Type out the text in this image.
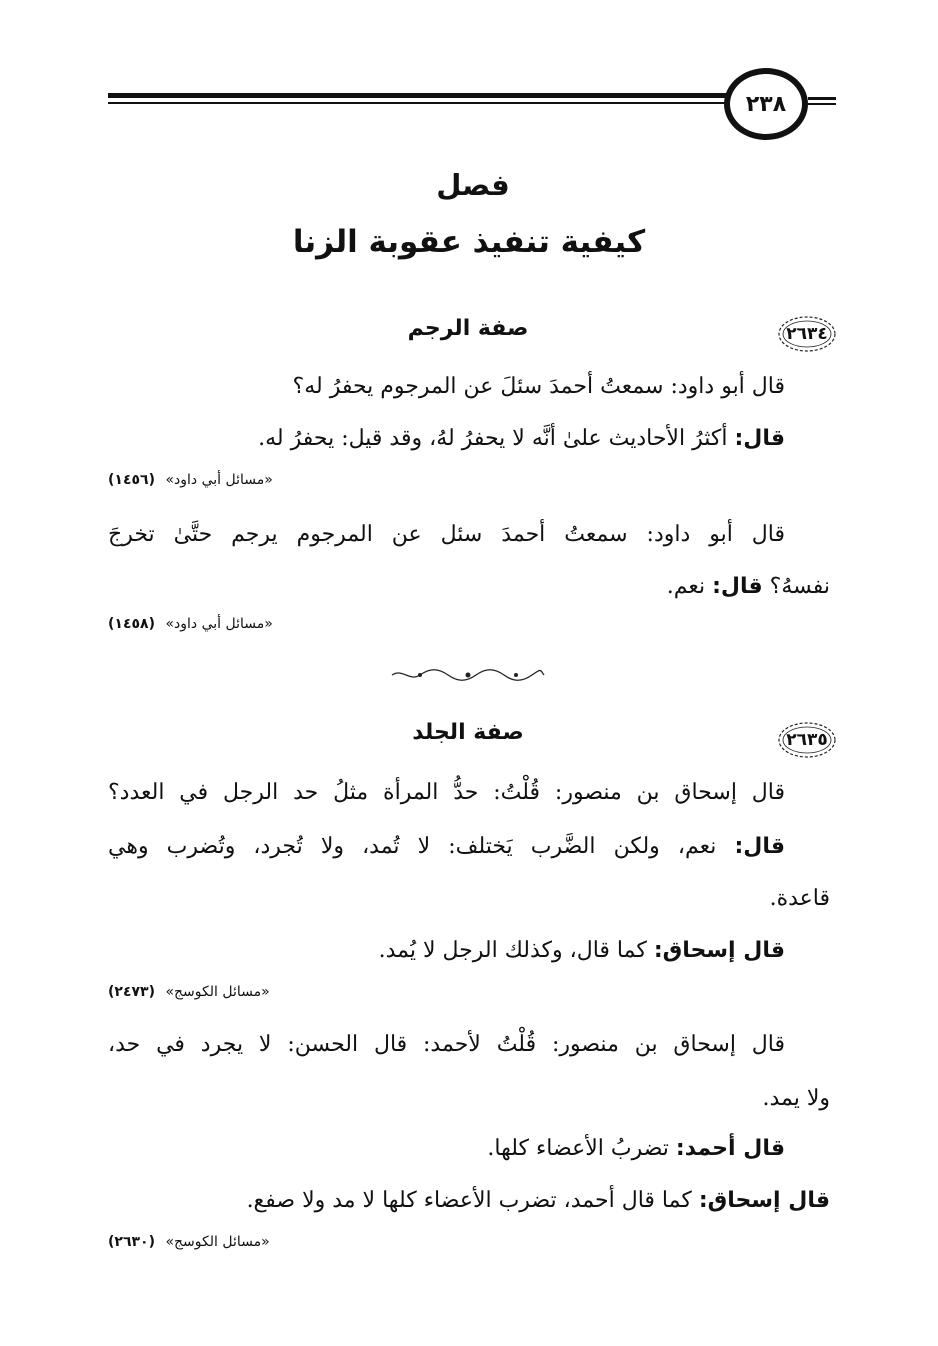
٢٣٨
فصل
كيفية تنفيذ عقوبة الزنا
٢٦٣٤
صفة الرجم
قال أبو داود: سمعتُ أحمدَ سئلَ عن المرجوم يحفرُ له؟
قال: أكثرُ الأحاديث علىٰ أنَّه لا يحفرُ لهُ، وقد قيل: يحفرُ له.
«مسائل أبي داود» (١٤٥٦)
قال أبو داود: سمعتُ أحمدَ سئل عن المرجوم يرجم حتَّىٰ تخرجَ
نفسهُ؟ قال: نعم.
«مسائل أبي داود» (١٤٥٨)
٢٦٣٥
صفة الجلد
قال إسحاق بن منصور: قُلْتُ: حدُّ المرأة مثلُ حد الرجل في العدد؟
قال: نعم، ولكن الضَّرب يَختلف: لا تُمد، ولا تُجرد، وتُضرب وهي
قاعدة.
قال إسحاق: كما قال، وكذلك الرجل لا يُمد.
«مسائل الكوسج» (٢٤٧٣)
قال إسحاق بن منصور: قُلْتُ لأحمد: قال الحسن: لا يجرد في حد،
ولا يمد.
قال أحمد: تضربُ الأعضاء كلها.
قال إسحاق: كما قال أحمد، تضرب الأعضاء كلها لا مد ولا صفع.
«مسائل الكوسج» (٢٦٣٠)
